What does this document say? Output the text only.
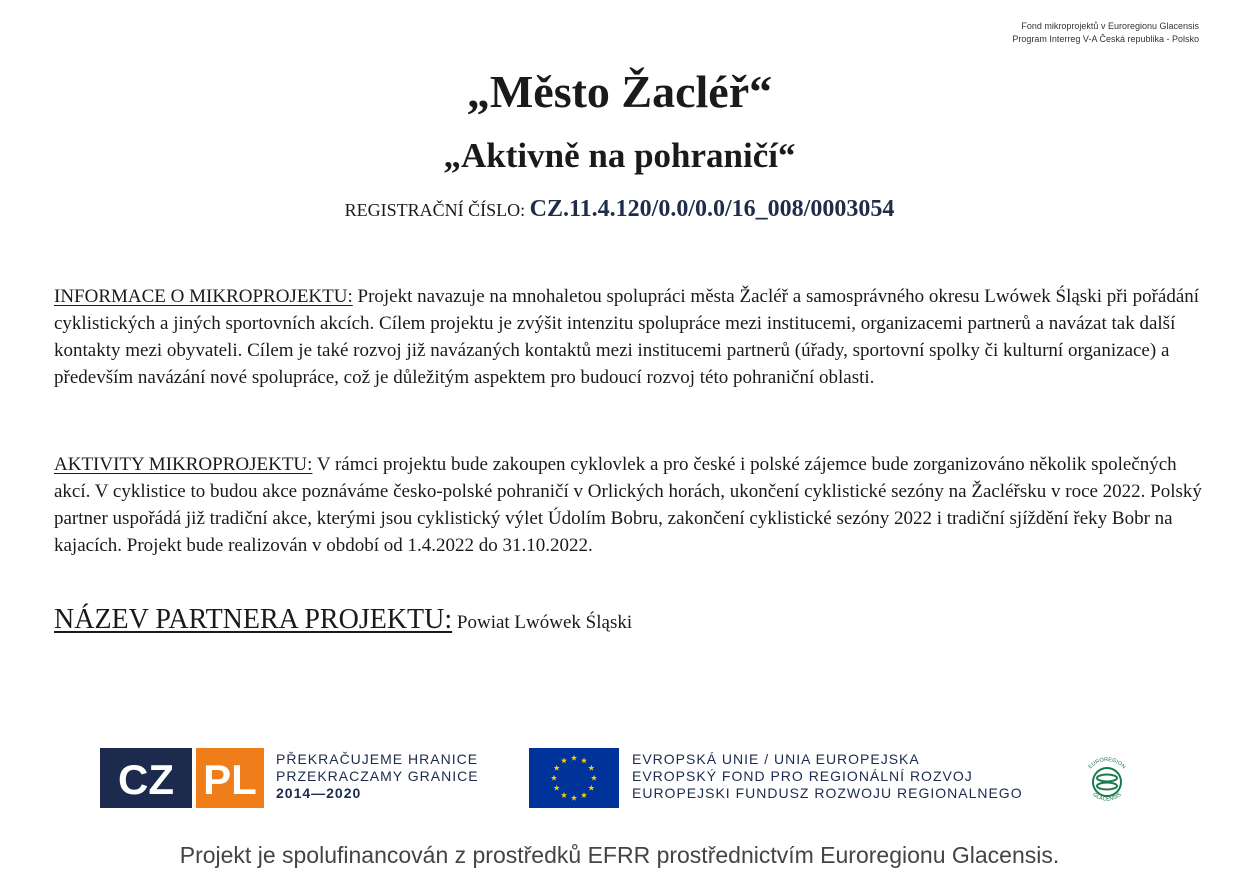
Fond mikroprojektů v Euroregionu Glacensis
Program Interreg V-A Česká republika - Polsko
„Město Žacléř“
„Aktivně na pohraničí“
REGISTRAČNÍ ČÍSLO: CZ.11.4.120/0.0/0.0/16_008/0003054
INFORMACE O MIKROPROJEKTU: Projekt navazuje na mnohaletou spolupráci města Žacléř a samosprávného okresu Lwówek Śląski při pořádání cyklistických a jiných sportovních akcích. Cílem projektu je zvýšit intenzitu spolupráce mezi institucemi, organizacemi partnerů a navázat tak další kontakty mezi obyvateli. Cílem je také rozvoj již navázaných kontaktů mezi institucemi partnerů (úřady, sportovní spolky či kulturní organizace) a především navázání nové spolupráce, což je důležitým aspektem pro budoucí rozvoj této pohraniční oblasti.
AKTIVITY MIKROPROJEKTU: V rámci projektu bude zakoupen cyklovlek a pro české i polské zájemce bude zorganizováno několik společných akcí. V cyklistice to budou akce poznáváme česko-polské pohraničí v Orlických horách, ukončení cyklistické sezóny na Žacléřsku v roce 2022. Polský partner uspořádá již tradiční akce, kterými jsou cyklistický výlet Údolím Bobru, zakončení cyklistické sezóny 2022 i tradiční sjíždění řeky Bobr na kajacích. Projekt bude realizován v období od 1.4.2022 do 31.10.2022.
NÁZEV PARTNERA PROJEKTU: Powiat Lwówek Śląski
CZ PL PŘEKRAČUJEME HRANICE
PRZEKRACZAMY GRANICE
2014—2020
EVROPSKÁ UNIE / UNIA EUROPEJSKA
EVROPSKÝ FOND PRO REGIONÁLNÍ ROZVOJ
EUROPEJSKI FUNDUSZ ROZWOJU REGIONALNEGO
EUROREGION
GLACENSIS
Projekt je spolufinancován z prostředků EFRR prostřednictvím Euroregionu Glacensis.
